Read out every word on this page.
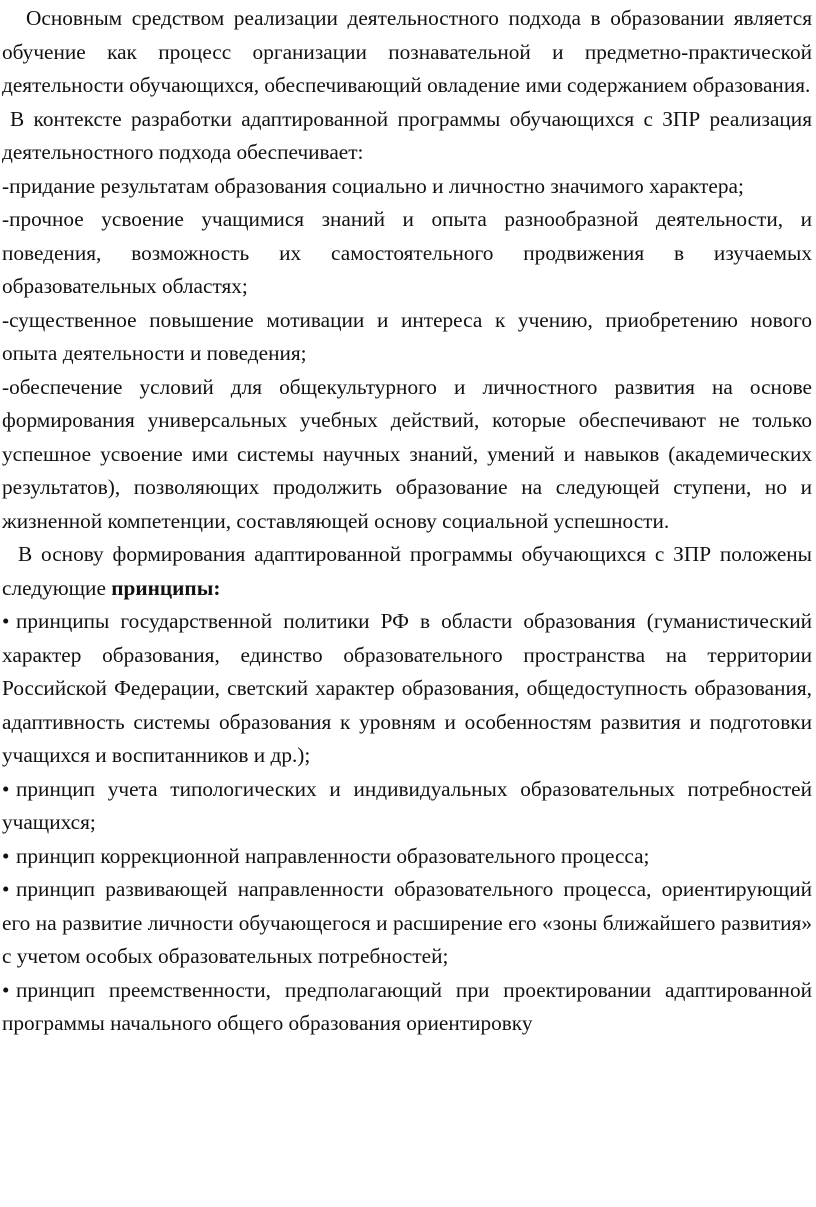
Основным средством реализации деятельностного подхода в образовании является обучение как процесс организации познавательной и предметно-практической деятельности обучающихся, обеспечивающий овладение ими содержанием образования.

В контексте разработки адаптированной программы обучающихся с ЗПР реализация деятельностного подхода обеспечивает:

-придание результатам образования социально и личностно значимого характера;

-прочное усвоение учащимися знаний и опыта разнообразной деятельности, и поведения, возможность их самостоятельного продвижения в изучаемых образовательных областях;

-существенное повышение мотивации и интереса к учению, приобретению нового опыта деятельности и поведения;

-обеспечение условий для общекультурного и личностного развития на основе формирования универсальных учебных действий, которые обеспечивают не только успешное усвоение ими системы научных знаний, умений и навыков (академических результатов), позволяющих продолжить образование на следующей ступени, но и жизненной компетенции, составляющей основу социальной успешности.

В основу формирования адаптированной программы обучающихся с ЗПР положены следующие принципы:

• принципы государственной политики РФ в области образования (гуманистический характер образования, единство образовательного пространства на территории Российской Федерации, светский характер образования, общедоступность образования, адаптивность системы образования к уровням и особенностям развития и подготовки учащихся и воспитанников и др.);

• принцип учета типологических и индивидуальных образовательных потребностей учащихся;

• принцип коррекционной направленности образовательного процесса;

• принцип развивающей направленности образовательного процесса, ориентирующий его на развитие личности обучающегося и расширение его «зоны ближайшего развития» с учетом особых образовательных потребностей;

• принцип преемственности, предполагающий при проектировании адаптированной программы начального общего образования ориентировку
